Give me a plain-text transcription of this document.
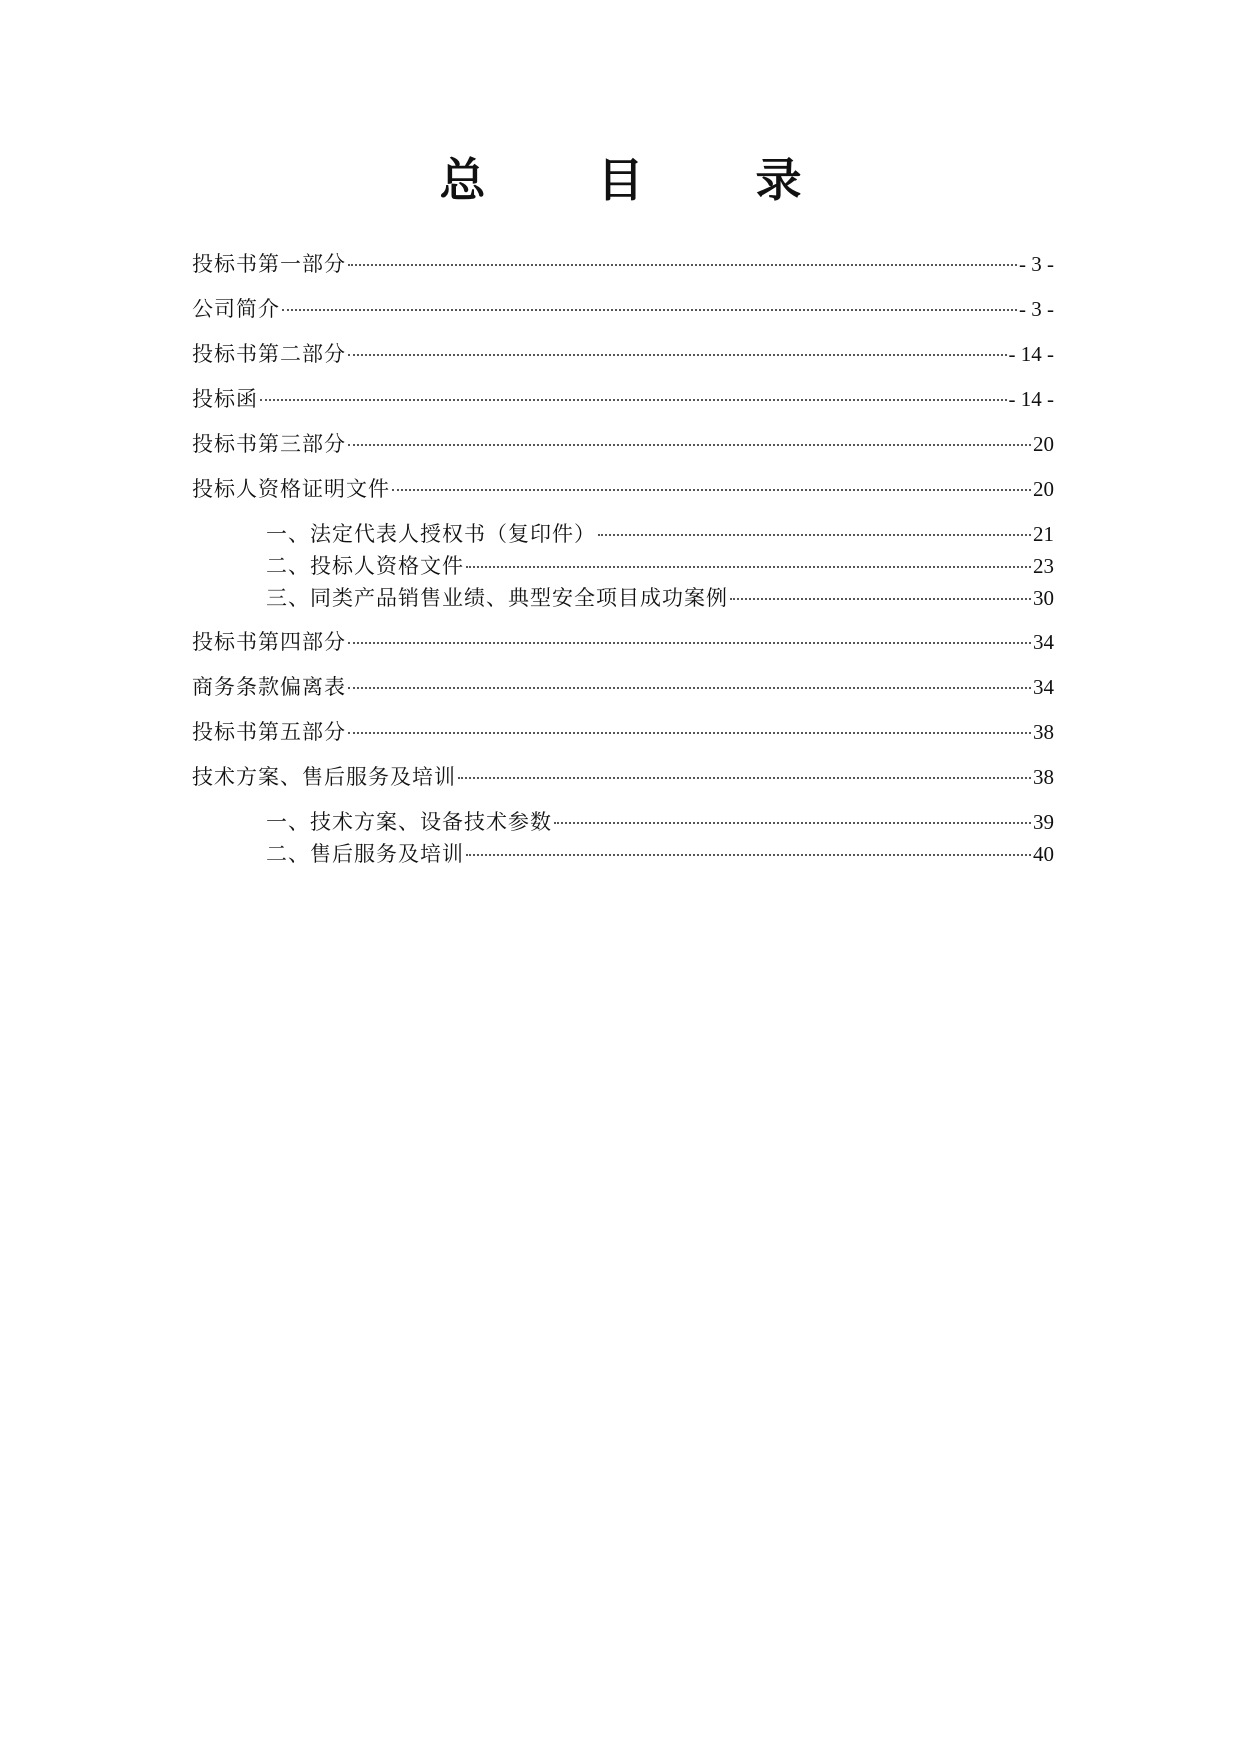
总 目 录
投标书第一部分	- 3 -
公司简介	- 3 -
投标书第二部分	- 14 -
投标函	- 14 -
投标书第三部分	20
投标人资格证明文件	20
一、法定代表人授权书（复印件）	21
二、投标人资格文件	23
三、同类产品销售业绩、典型安全项目成功案例	30
投标书第四部分	34
商务条款偏离表	34
投标书第五部分	38
技术方案、售后服务及培训	38
一、技术方案、设备技术参数	39
二、售后服务及培训	40
